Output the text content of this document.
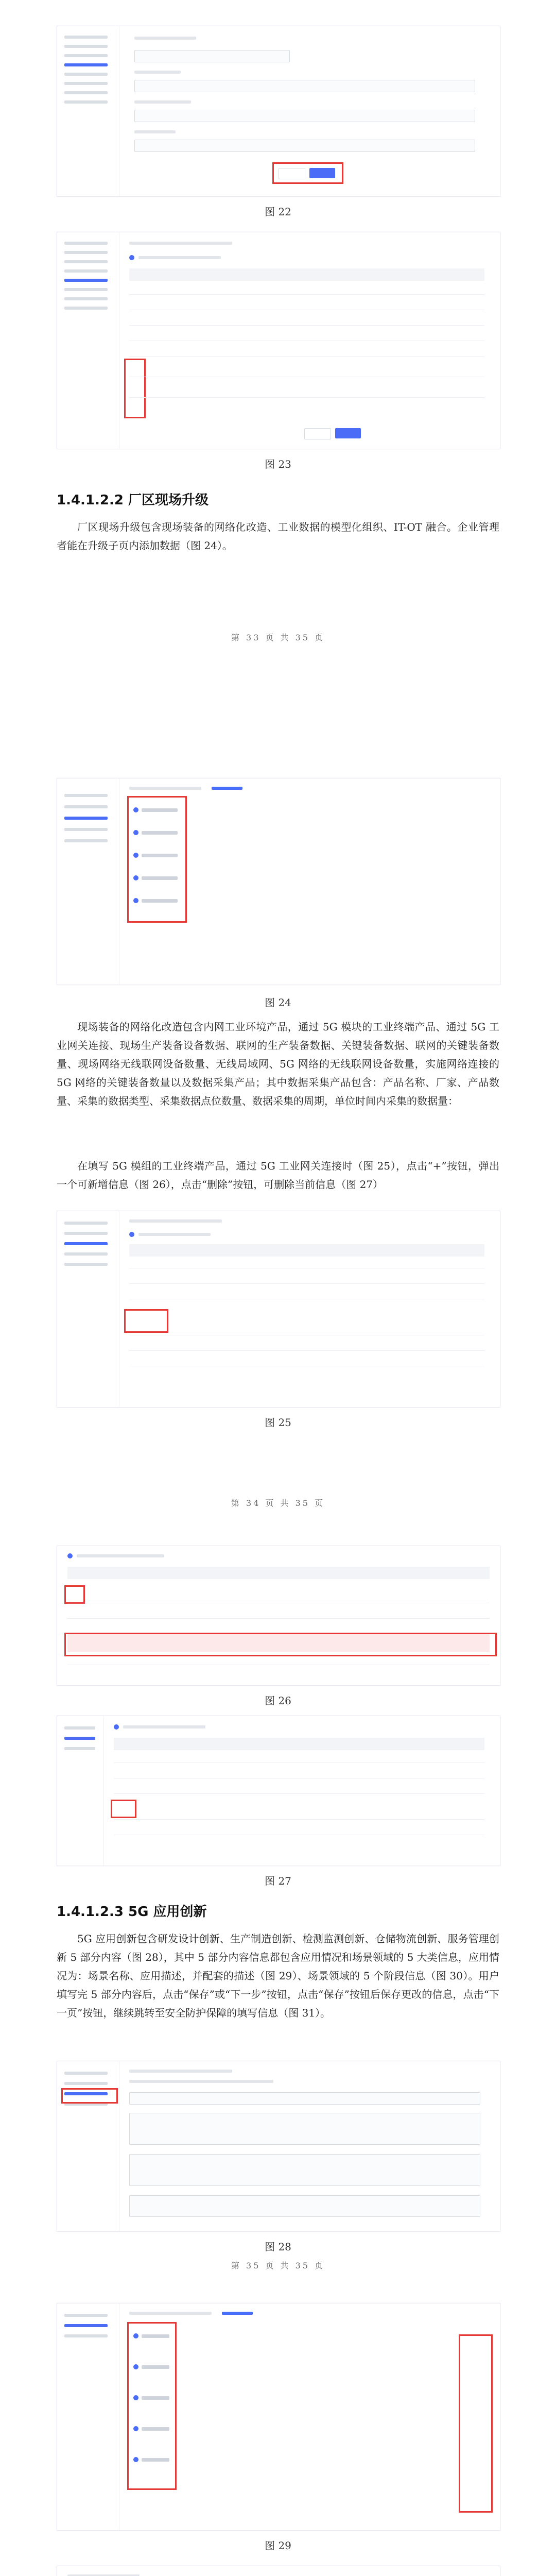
图 22
图 23
1.4.1.2.2 厂区现场升级
厂区现场升级包含现场装备的网络化改造、工业数据的模型化组织、IT-OT 融合。企业管理者能在升级子页内添加数据（图 24）。
第 33 页 共 35 页
图 24
现场装备的网络化改造包含内网工业环境产品，通过 5G 模块的工业终端产品、通过 5G 工业网关连接、现场生产装备设备数据、联网的生产装备数据、关键装备数据、联网的关键装备数量、现场网络无线联网设备数量、无线局域网、5G 网络的无线联网设备数量，实施网络连接的 5G 网络的关键装备数量以及数据采集产品；其中数据采集产品包含：产品名称、厂家、产品数量、采集的数据类型、采集数据点位数量、数据采集的周期，单位时间内采集的数据量：
在填写 5G 模组的工业终端产品，通过 5G 工业网关连接时（图 25），点击“+”按钮，弹出一个可新增信息（图 26），点击“删除”按钮，可删除当前信息（图 27）
图 25
第 34 页 共 35 页
图 26
图 27
1.4.1.2.3 5G 应用创新
5G 应用创新包含研发设计创新、生产制造创新、检测监测创新、仓储物流创新、服务管理创新 5 部分内容（图 28），其中 5 部分内容信息都包含应用情况和场景领域的 5 大类信息，应用情况为：场景名称、应用描述，并配套的描述（图 29）、场景领域的 5 个阶段信息（图 30）。用户填写完 5 部分内容后，点击“保存”或“下一步”按钮，点击“保存”按钮后保存更改的信息，点击“下一页”按钮，继续跳转至安全防护保障的填写信息（图 31）。
图 28
第 35 页 共 35 页
图 29
